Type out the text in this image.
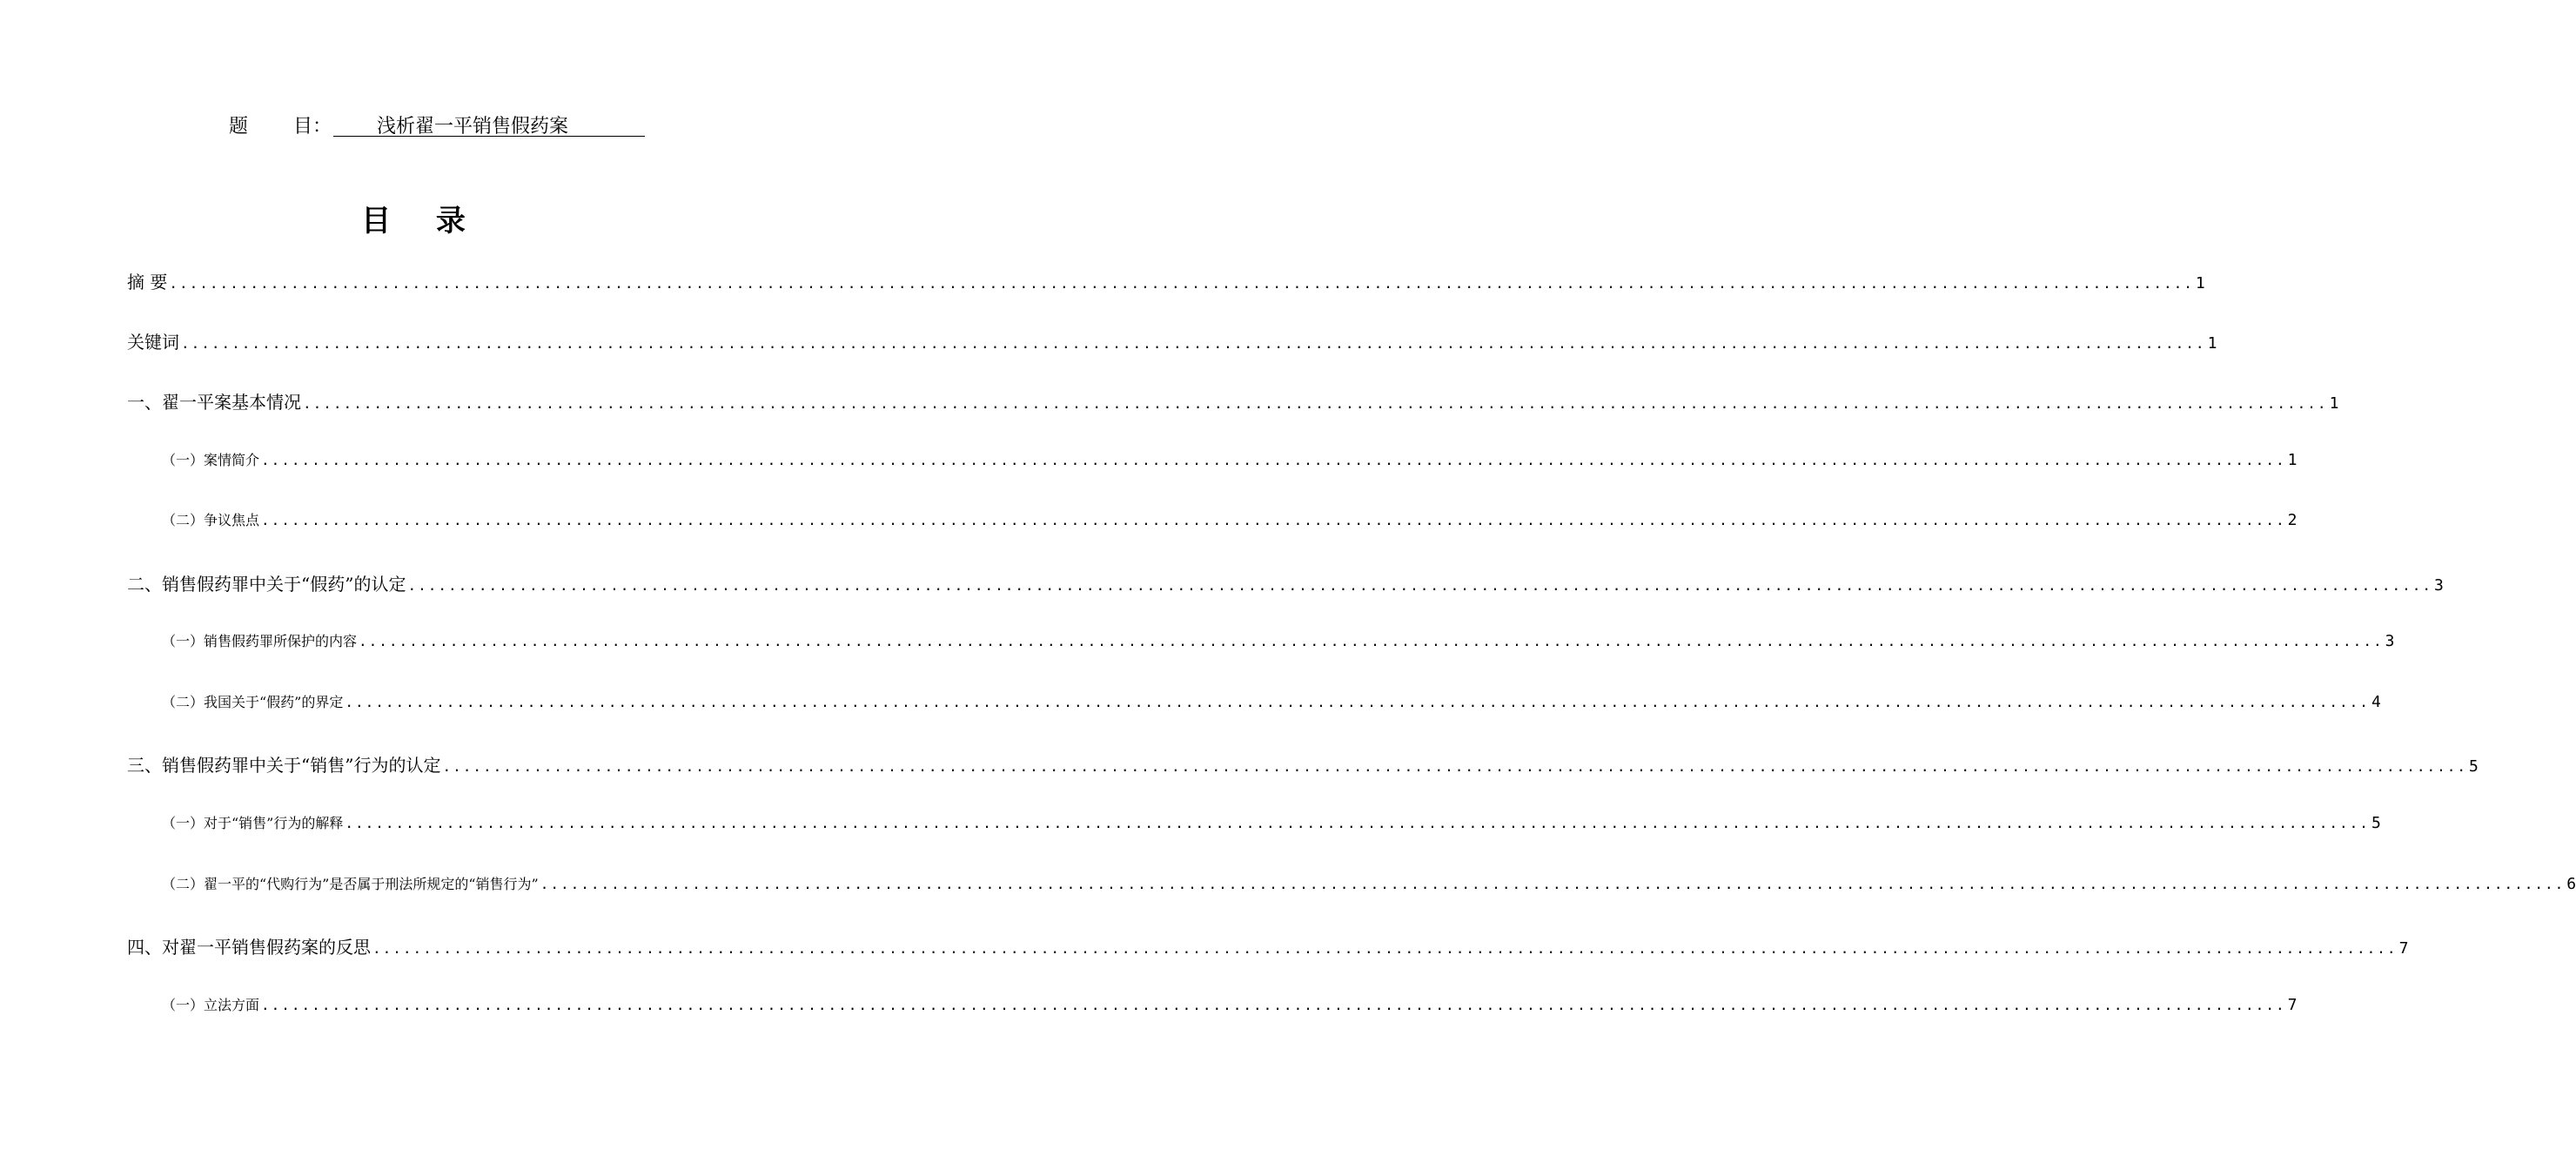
题 目： 浅析翟一平销售假药案
目 录
摘 要 ........................................................................................................................................................................................................ 1
关键词 ........................................................................................................................................................................................................ 1
一、翟一平案基本情况 ........................................................................................................................................................................................................ 1
（一）案情简介 ........................................................................................................................................................................................................ 1
（二）争议焦点 ........................................................................................................................................................................................................ 2
二、销售假药罪中关于“假药”的认定 ........................................................................................................................................................................................................ 3
（一）销售假药罪所保护的内容 ........................................................................................................................................................................................................ 3
（二）我国关于“假药”的界定 ........................................................................................................................................................................................................ 4
三、销售假药罪中关于“销售”行为的认定 ........................................................................................................................................................................................................ 5
（一）对于“销售”行为的解释 ........................................................................................................................................................................................................ 5
（二）翟一平的“代购行为”是否属于刑法所规定的“销售行为” ........................................................................................................................................................................................................ 6
四、对翟一平销售假药案的反思 ........................................................................................................................................................................................................ 7
（一）立法方面 ........................................................................................................................................................................................................ 7
